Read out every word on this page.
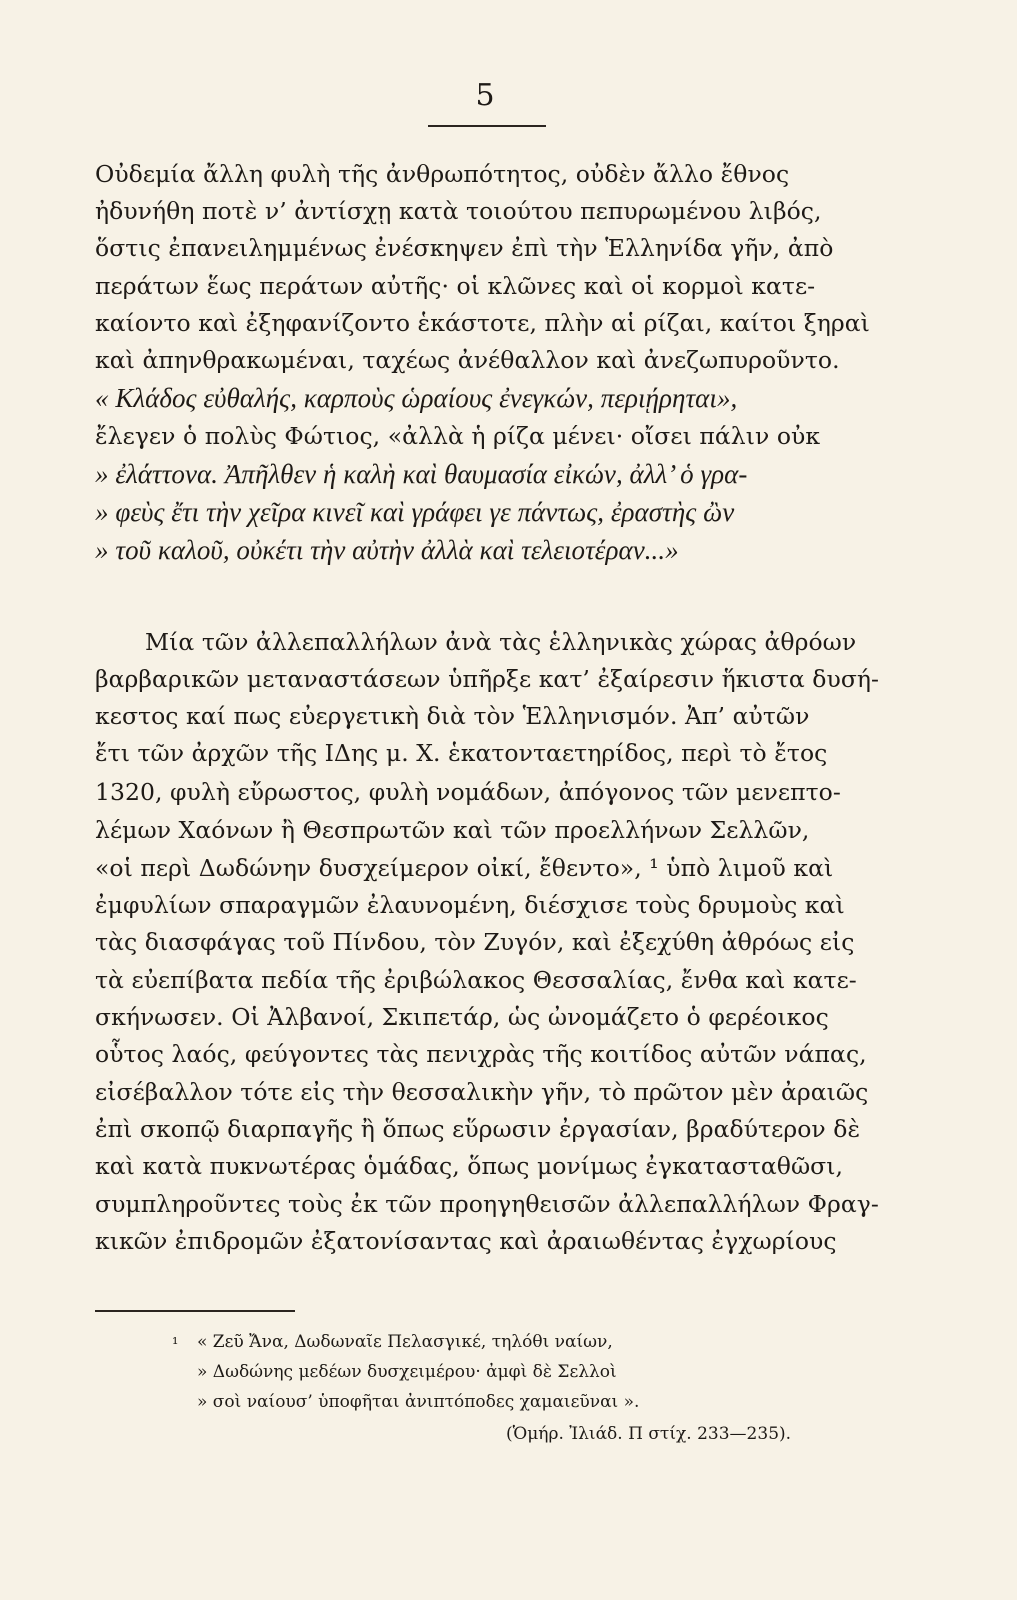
5
Οὐδεμία ἄλλη φυλὴ τῆς ἀνθρωπότητος, οὐδὲν ἄλλο ἔθνος
ἠδυνήθη ποτὲ ν’ ἀντίσχῃ κατὰ τοιούτου πεπυρωμένου λιβός,
ὅστις ἐπανειλημμένως ἐνέσκηψεν ἐπὶ τὴν Ἑλληνίδα γῆν, ἀπὸ
περάτων ἕως περάτων αὐτῆς· οἱ κλῶνες καὶ οἱ κορμοὶ κατε-
καίοντο καὶ ἐξηφανίζοντο ἑκάστοτε, πλὴν αἱ ρίζαι, καίτοι ξηραὶ
καὶ ἀπηνθρακωμέναι, ταχέως ἀνέθαλλον καὶ ἀνεζωπυροῦντο.
« Κλάδος εὐθαλής, καρποὺς ὡραίους ἐνεγκών, περιῄρηται»,
ἔλεγεν ὁ πολὺς Φώτιος, «ἀλλὰ ἡ ρίζα μένει· οἴσει πάλιν οὐκ
» ἐλάττονα. Ἀπῆλθεν ἡ καλὴ καὶ θαυμασία εἰκών, ἀλλ’ ὁ γρα-
» φεὺς ἔτι τὴν χεῖρα κινεῖ καὶ γράφει γε πάντως, ἐραστὴς ὢν
» τοῦ καλοῦ, οὐκέτι τὴν αὐτὴν ἀλλὰ καὶ τελειοτέραν...»
Μία τῶν ἀλλεπαλλήλων ἀνὰ τὰς ἑλληνικὰς χώρας ἀθρόων
βαρβαρικῶν μεταναστάσεων ὑπῆρξε κατ’ ἐξαίρεσιν ἥκιστα δυσή-
κεστος καί πως εὐεργετικὴ διὰ τὸν Ἑλληνισμόν. Ἀπ’ αὐτῶν
ἔτι τῶν ἀρχῶν τῆς ΙΔης μ. Χ. ἑκατονταετηρίδος, περὶ τὸ ἔτος
1320, φυλὴ εὔρωστος, φυλὴ νομάδων, ἀπόγονος τῶν μενεπτο-
λέμων Χαόνων ἢ Θεσπρωτῶν καὶ τῶν προελλήνων Σελλῶν,
«οἱ περὶ Δωδώνην δυσχείμερον οἰκί, ἔθεντο», ¹ ὑπὸ λιμοῦ καὶ
ἐμφυλίων σπαραγμῶν ἐλαυνομένη, διέσχισε τοὺς δρυμοὺς καὶ
τὰς διασφάγας τοῦ Πίνδου, τὸν Ζυγόν, καὶ ἐξεχύθη ἀθρόως εἰς
τὰ εὐεπίβατα πεδία τῆς ἐριβώλακος Θεσσαλίας, ἔνθα καὶ κατε-
σκήνωσεν. Οἱ Ἀλβανοί, Σκιπετάρ, ὡς ὠνομάζετο ὁ φερέοικος
οὗτος λαός, φεύγοντες τὰς πενιχρὰς τῆς κοιτίδος αὐτῶν νάπας,
εἰσέβαλλον τότε εἰς τὴν θεσσαλικὴν γῆν, τὸ πρῶτον μὲν ἀραιῶς
ἐπὶ σκοπῷ διαρπαγῆς ἢ ὅπως εὕρωσιν ἐργασίαν, βραδύτερον δὲ
καὶ κατὰ πυκνωτέρας ὁμάδας, ὅπως μονίμως ἐγκατασταθῶσι,
συμπληροῦντες τοὺς ἐκ τῶν προηγηθεισῶν ἀλλεπαλλήλων Φραγ-
κικῶν ἐπιδρομῶν ἐξατονίσαντας καὶ ἀραιωθέντας ἐγχωρίους
¹ « Ζεῦ Ἄνα, Δωδωναῖε Πελασγικέ, τηλόθι ναίων,
» Δωδώνης μεδέων δυσχειμέρου· ἀμφὶ δὲ Σελλοὶ
» σοὶ ναίουσ’ ὑποφῆται ἀνιπτόποδες χαμαιεῦναι ».
(Ὁμήρ. Ἰλιάδ. Π στίχ. 233—235).
